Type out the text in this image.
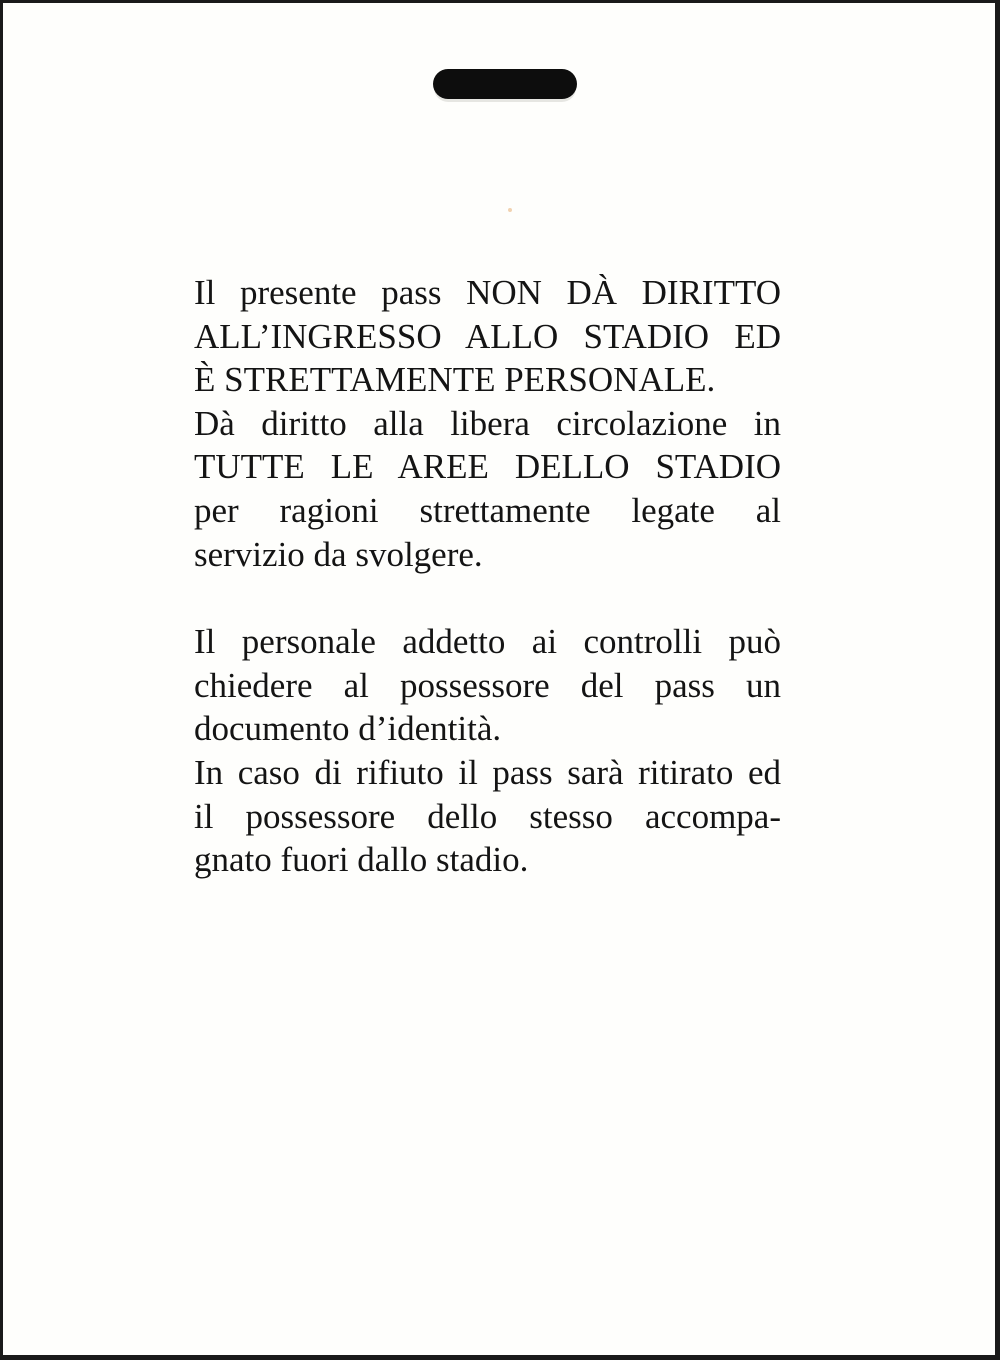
Il presente pass NON DÀ DIRITTO

ALL’INGRESSO ALLO STADIO ED

È STRETTAMENTE PERSONALE.

Dà diritto alla libera circolazione in

TUTTE LE AREE DELLO STADIO

per ragioni strettamente legate al

servizio da svolgere.

Il personale addetto ai controlli può

chiedere al possessore del pass un

documento d’identità.

In caso di rifiuto il pass sarà ritirato ed

il possessore dello stesso accompa-

gnato fuori dallo stadio.
